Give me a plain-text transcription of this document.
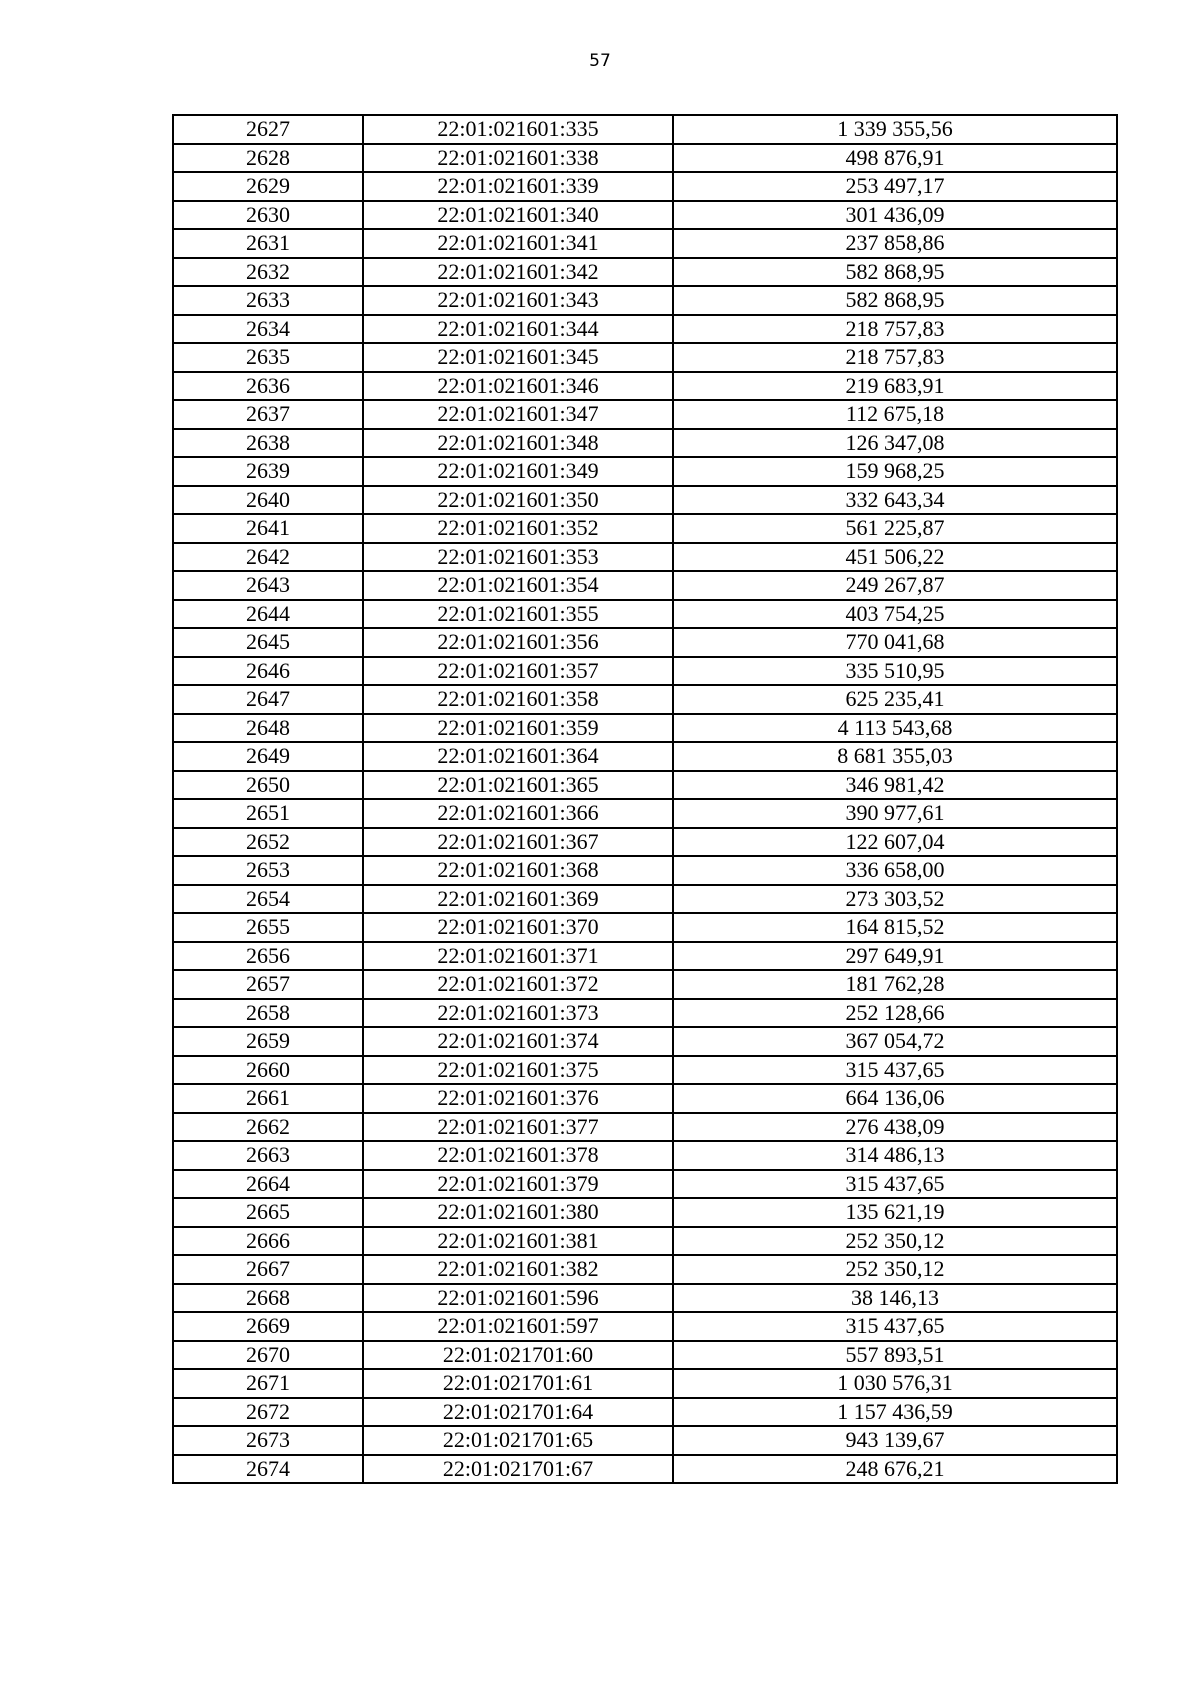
57
2627	22:01:021601:335	1 339 355,56
2628	22:01:021601:338	498 876,91
2629	22:01:021601:339	253 497,17
2630	22:01:021601:340	301 436,09
2631	22:01:021601:341	237 858,86
2632	22:01:021601:342	582 868,95
2633	22:01:021601:343	582 868,95
2634	22:01:021601:344	218 757,83
2635	22:01:021601:345	218 757,83
2636	22:01:021601:346	219 683,91
2637	22:01:021601:347	112 675,18
2638	22:01:021601:348	126 347,08
2639	22:01:021601:349	159 968,25
2640	22:01:021601:350	332 643,34
2641	22:01:021601:352	561 225,87
2642	22:01:021601:353	451 506,22
2643	22:01:021601:354	249 267,87
2644	22:01:021601:355	403 754,25
2645	22:01:021601:356	770 041,68
2646	22:01:021601:357	335 510,95
2647	22:01:021601:358	625 235,41
2648	22:01:021601:359	4 113 543,68
2649	22:01:021601:364	8 681 355,03
2650	22:01:021601:365	346 981,42
2651	22:01:021601:366	390 977,61
2652	22:01:021601:367	122 607,04
2653	22:01:021601:368	336 658,00
2654	22:01:021601:369	273 303,52
2655	22:01:021601:370	164 815,52
2656	22:01:021601:371	297 649,91
2657	22:01:021601:372	181 762,28
2658	22:01:021601:373	252 128,66
2659	22:01:021601:374	367 054,72
2660	22:01:021601:375	315 437,65
2661	22:01:021601:376	664 136,06
2662	22:01:021601:377	276 438,09
2663	22:01:021601:378	314 486,13
2664	22:01:021601:379	315 437,65
2665	22:01:021601:380	135 621,19
2666	22:01:021601:381	252 350,12
2667	22:01:021601:382	252 350,12
2668	22:01:021601:596	38 146,13
2669	22:01:021601:597	315 437,65
2670	22:01:021701:60	557 893,51
2671	22:01:021701:61	1 030 576,31
2672	22:01:021701:64	1 157 436,59
2673	22:01:021701:65	943 139,67
2674	22:01:021701:67	248 676,21
